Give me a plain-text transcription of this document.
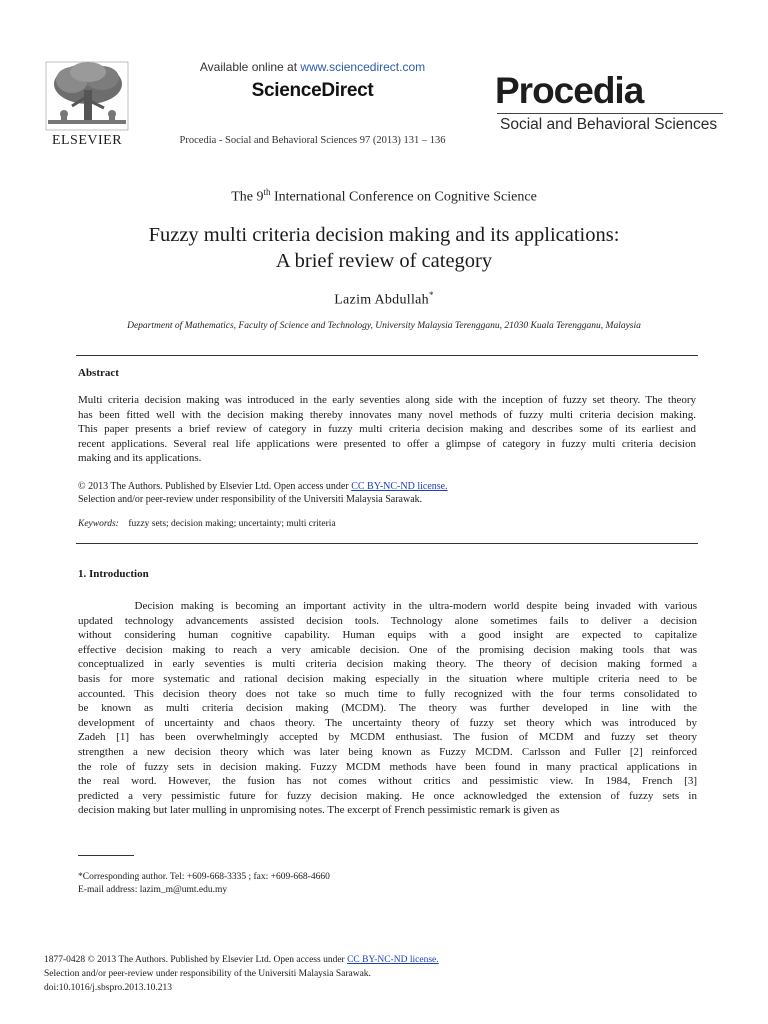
ELSEVIER
Available online at www.sciencedirect.com
ScienceDirect
Procedia - Social and Behavioral Sciences 97 (2013) 131 – 136
Procedia
Social and Behavioral Sciences
The 9th International Conference on Cognitive Science
Fuzzy multi criteria decision making and its applications:
A brief review of category
Lazim Abdullah*
Department of Mathematics, Faculty of Science and Technology, University Malaysia Terengganu, 21030 Kuala Terengganu, Malaysia
Abstract
Multi criteria decision making was introduced in the early seventies along side with the inception of fuzzy set theory. The theory
has been fitted well with the decision making thereby innovates many novel methods of fuzzy multi criteria decision making.
This paper presents a brief review of category in fuzzy multi criteria decision making and describes some of its earliest and
recent applications. Several real life applications were presented to offer a glimpse of category in fuzzy multi criteria decision
making and its applications.
© 2013 The Authors. Published by Elsevier Ltd. Open access under CC BY-NC-ND license.
Selection and/or peer-review under responsibility of the Universiti Malaysia Sarawak.
Keywords: fuzzy sets; decision making; uncertainty; multi criteria
1. Introduction
Decision making is becoming an important activity in the ultra-modern world despite being invaded with various
updated technology advancements assisted decision tools. Technology alone sometimes fails to deliver a decision
without considering human cognitive capability. Human equips with a good insight are expected to capitalize
effective decision making to reach a very amicable decision. One of the promising decision making tools that was
conceptualized in early seventies is multi criteria decision making theory. The theory of decision making formed a
basis for more systematic and rational decision making especially in the situation where multiple criteria need to be
accounted. This decision theory does not take so much time to fully recognized with the four terms consolidated to
be known as multi criteria decision making (MCDM). The theory was further developed in line with the
development of uncertainty and chaos theory. The uncertainty theory of fuzzy set theory which was introduced by
Zadeh [1] has been overwhelmingly accepted by MCDM enthusiast. The fusion of MCDM and fuzzy set theory
strengthen a new decision theory which was later being known as Fuzzy MCDM. Carlsson and Fuller [2] reinforced
the role of fuzzy sets in decision making. Fuzzy MCDM methods have been found in many practical applications in
the real word. However, the fusion has not comes without critics and pessimistic view. In 1984, French [3]
predicted a very pessimistic future for fuzzy decision making. He once acknowledged the extension of fuzzy sets in
decision making but later mulling in unpromising notes. The excerpt of French pessimistic remark is given as
*Corresponding author. Tel: +609-668-3335 ; fax: +609-668-4660
E-mail address: lazim_m@umt.edu.my
1877-0428 © 2013 The Authors. Published by Elsevier Ltd. Open access under CC BY-NC-ND license.
Selection and/or peer-review under responsibility of the Universiti Malaysia Sarawak.
doi:10.1016/j.sbspro.2013.10.213
